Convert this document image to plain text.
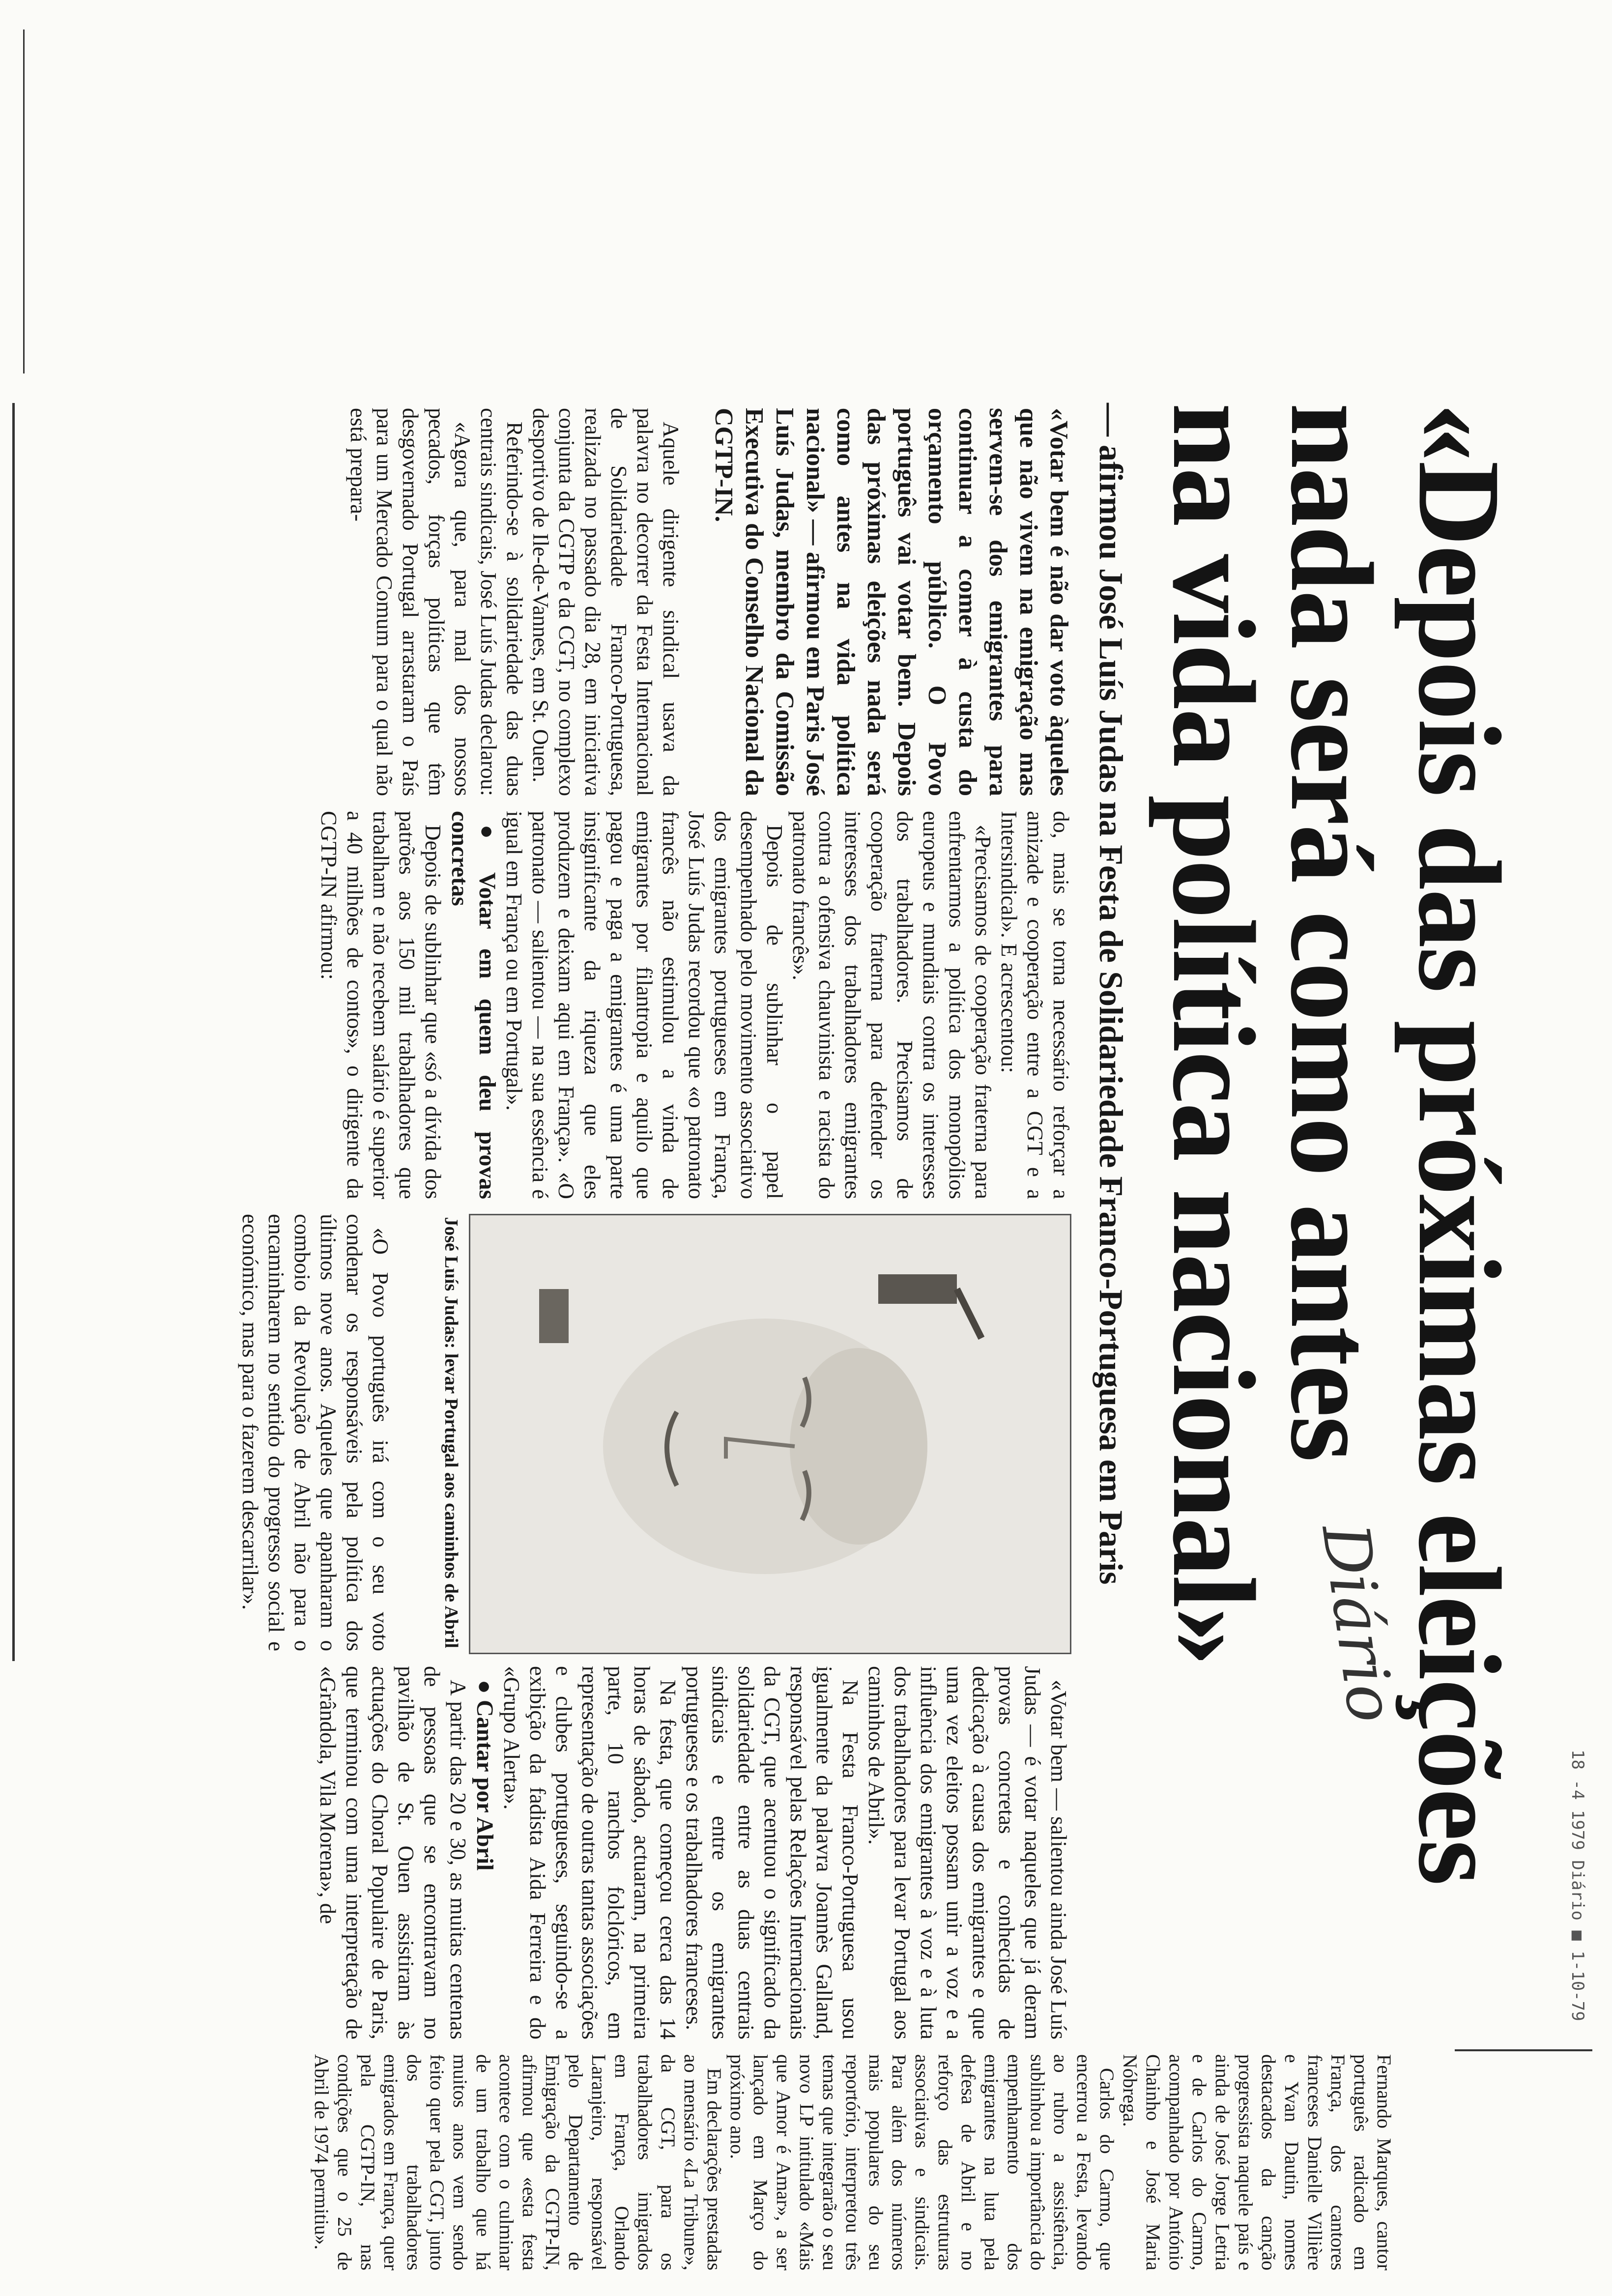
18 -4 1979 Diário ■ 1-10-79
«Depois das próximas eleições
nada será como antes
na vida política nacional» Diário
— afirmou José Luís Judas na Festa de Solidariedade Franco-Portuguesa em Paris

«Votar bem é não dar voto àqueles que não vivem na emigração mas servem-se dos emigrantes para continuar a comer à custa do orçamento público. O Povo português vai votar bem. Depois das próximas eleições nada será como antes na vida política nacional» — afirmou em Paris José Luís Judas, membro da Comissão Executiva do Conselho Nacional da CGTP-IN.

Aquele dirigente sindical usava da palavra no decorrer da Festa Internacional de Solidariedade Franco-Portuguesa, realizada no passado dia 28, em iniciativa conjunta da CGTP e da CGT, no complexo desportivo de Ile-de-Vannes, em St. Ouen.

Referindo-se à solidariedade das duas centrais sindicais, José Luís Judas declarou:

«Agora que, para mal dos nossos pecados, forças políticas que têm desgovernado Portugal arrastaram o País para um Mercado Comum para o qual não está prepara-

do, mais se torna necessário reforçar a amizade e cooperação entre a CGT e a Intersindical». E acrescentou:

«Precisamos de cooperação fraterna para enfrentarmos a política dos monopólios europeus e mundiais contra os interesses dos trabalhadores. Precisamos de cooperação fraterna para defender os interesses dos trabalhadores emigrantes contra a ofensiva chauvinista e racista do patronato francês».

Depois de sublinhar o papel desempenhado pelo movimento associativo dos emigrantes portugueses em França, José Luís Judas recordou que «o patronato francês não estimulou a vinda de emigrantes por filantropia e aquilo que pagou e paga a emigrantes é uma parte insignificante da riqueza que eles produzem e deixam aqui em França». «O patronato — salientou — na sua essência é igual em França ou em Portugal».

● Votar em quem deu provas concretas

Depois de sublinhar que «só a dívida dos patrões aos 150 mil trabalhadores que trabalham e não recebem salário é superior a 40 milhões de contos», o dirigente da CGTP-IN afirmou:

José Luís Judas: levar Portugal aos caminhos de Abril

«O Povo português irá com o seu voto condenar os responsáveis pela política dos últimos nove anos. Aqueles que apanharam o comboio da Revolução de Abril não para o encaminharem no sentido do progresso social e económico, mas para o fazerem descarrilar».

«Votar bem — salientou ainda José Luís Judas — é votar naqueles que já deram provas concretas e conhecidas de dedicação à causa dos emigrantes e que uma vez eleitos possam unir a voz e a influência dos emigrantes à voz e à luta dos trabalhadores para levar Portugal aos caminhos de Abril».

Na Festa Franco-Portuguesa usou igualmente da palavra Joannès Galland, responsável pelas Relações Internacionais da CGT, que acentuou o significado da solidariedade entre as duas centrais sindicais e entre os emigrantes portugueses e os trabalhadores franceses.

Na festa, que começou cerca das 14 horas de sábado, actuaram, na primeira parte, 10 ranchos folclóricos, em representação de outras tantas associações e clubes portugueses, seguindo-se a exibição da fadista Aida Ferreira e do «Grupo Alerta».

● Cantar por Abril

A partir das 20 e 30, as muitas centenas de pessoas que se encontravam no pavilhão de St. Ouen assistiram às actuações do Choral Populaire de Paris, que terminou com uma interpretação de «Grândola, Vila Morena», de

Fernando Marques, cantor português radicado em França, dos cantores franceses Danielle Villière e Yvan Dautin, nomes destacados da canção progressista naquele país e ainda de José Jorge Letria e de Carlos do Carmo, acompanhado por António Chainho e José Maria Nóbrega.

Carlos do Carmo, que encerrou a Festa, levando ao rubro a assistência, sublinhou a importância do empenhamento dos emigrantes na luta pela defesa de Abril e no reforço das estruturas associativas e sindicais. Para além dos números mais populares do seu reportório, interpretou três temas que integrarão o seu novo LP intitulado «Mais que Amor é Amar», a ser lançado em Março do próximo ano.

Em declarações prestadas ao mensário «La Tribune», da CGT, para os trabalhadores imigrados em França, Orlando Laranjeiro, responsável pelo Departamento de Emigração da CGTP-IN, afirmou que «esta festa acontece com o culminar de um trabalho que há muitos anos vem sendo feito quer pela CGT, junto dos trabalhadores emigrados em França, quer pela CGTP-IN, nas condições que o 25 de Abril de 1974 permitiu».
